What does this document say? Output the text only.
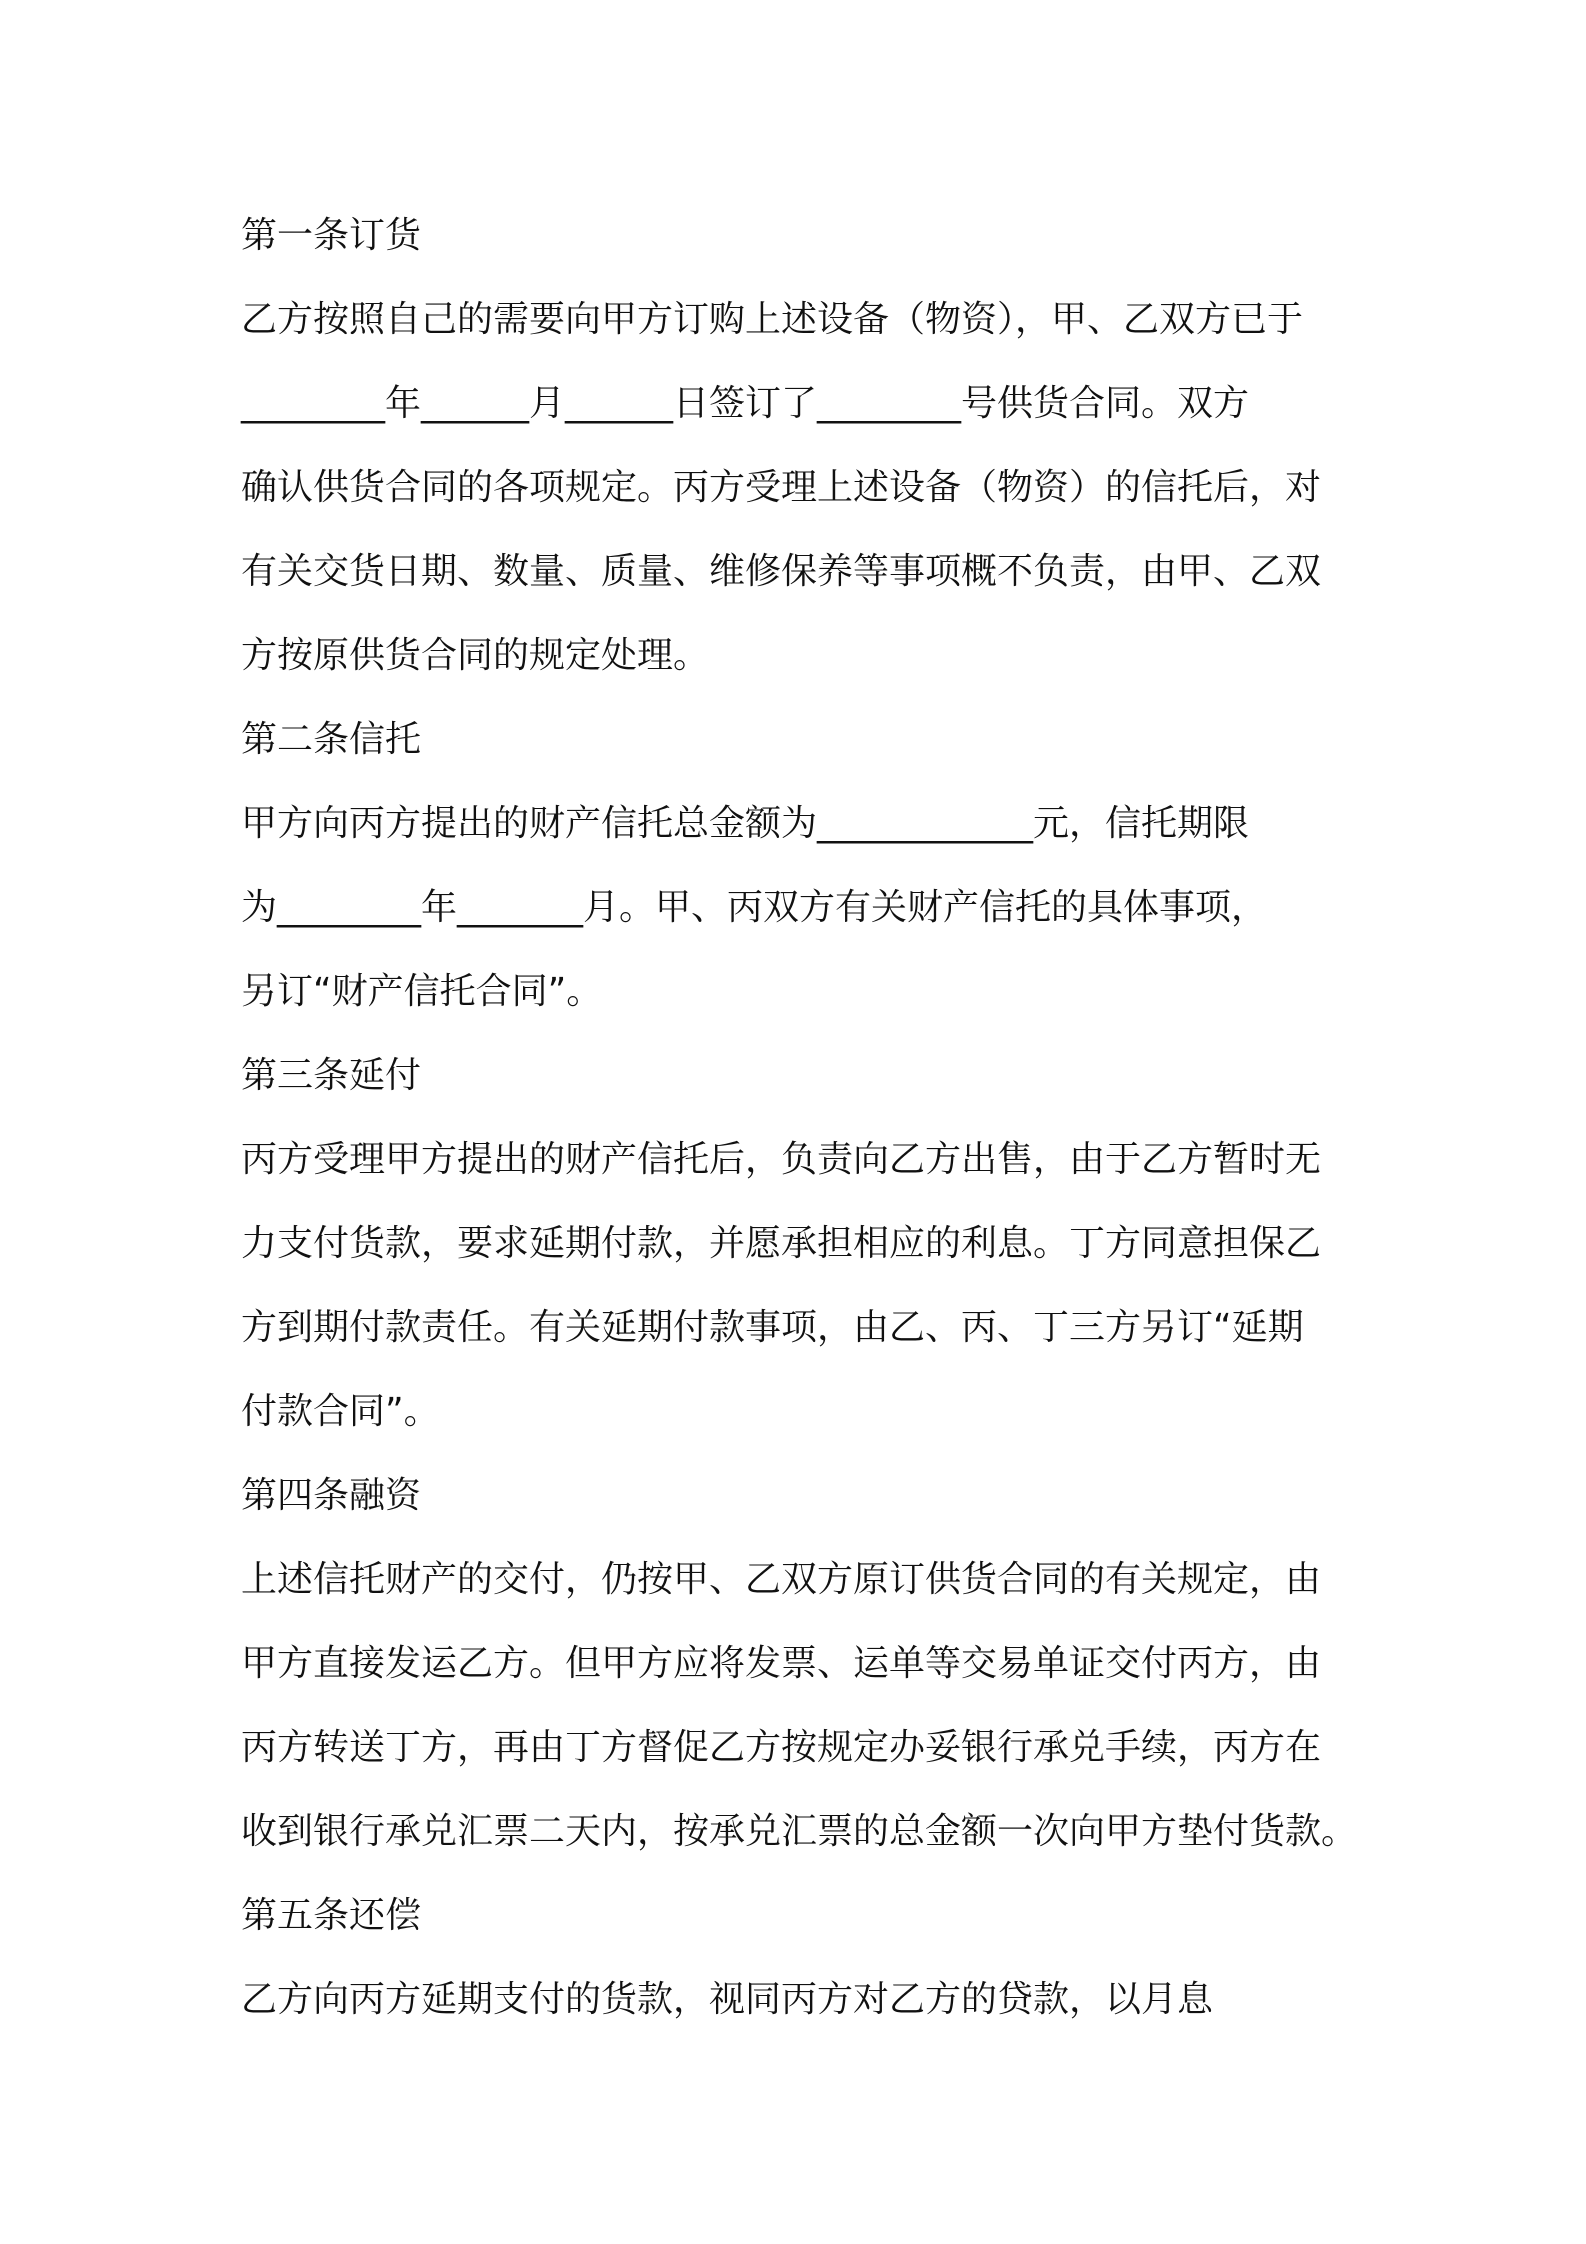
第一条订货

乙方按照自己的需要向甲方订购上述设备（物资），甲、乙双方已于

________年______月______日签订了________号供货合同。双方

确认供货合同的各项规定。丙方受理上述设备（物资）的信托后，对

有关交货日期、数量、质量、维修保养等事项概不负责，由甲、乙双

方按原供货合同的规定处理。

第二条信托

甲方向丙方提出的财产信托总金额为____________元，信托期限

为________年_______月。甲、丙双方有关财产信托的具体事项，

另订“财产信托合同”。

第三条延付

丙方受理甲方提出的财产信托后，负责向乙方出售，由于乙方暂时无

力支付货款，要求延期付款，并愿承担相应的利息。丁方同意担保乙

方到期付款责任。有关延期付款事项，由乙、丙、丁三方另订“延期

付款合同”。

第四条融资

上述信托财产的交付，仍按甲、乙双方原订供货合同的有关规定，由

甲方直接发运乙方。但甲方应将发票、运单等交易单证交付丙方，由

丙方转送丁方，再由丁方督促乙方按规定办妥银行承兑手续，丙方在

收到银行承兑汇票二天内，按承兑汇票的总金额一次向甲方垫付货款。

第五条还偿

乙方向丙方延期支付的货款，视同丙方对乙方的贷款，以月息
